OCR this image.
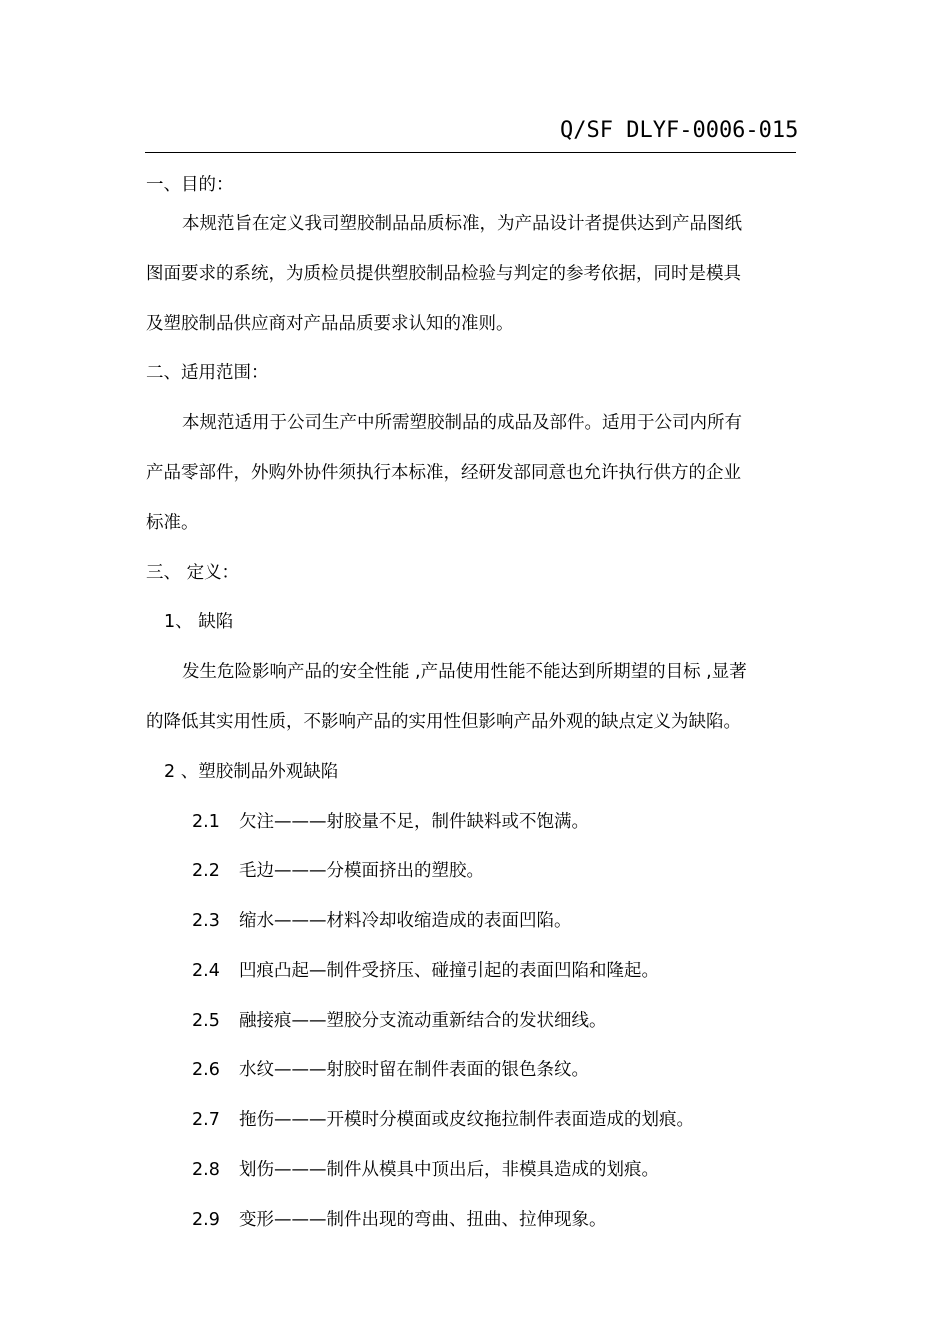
Q/SF DLYF-0006-015
一、目的：
本规范旨在定义我司塑胶制品品质标准，为产品设计者提供达到产品图纸
图面要求的系统，为质检员提供塑胶制品检验与判定的参考依据，同时是模具
及塑胶制品供应商对产品品质要求认知的准则。
二、适用范围：
本规范适用于公司生产中所需塑胶制品的成品及部件。适用于公司内所有
产品零部件，外购外协件须执行本标准，经研发部同意也允许执行供方的企业
标准。
三、 定义：
1、 缺陷
发生危险影响产品的安全性能 ,产品使用性能不能达到所期望的目标 ,显著
的降低其实用性质，不影响产品的实用性但影响产品外观的缺点定义为缺陷。
2 、塑胶制品外观缺陷
2.1	欠注———射胶量不足，制件缺料或不饱满。
2.2	毛边———分模面挤出的塑胶。
2.3	缩水———材料冷却收缩造成的表面凹陷。
2.4	凹痕凸起—制件受挤压、碰撞引起的表面凹陷和隆起。
2.5	融接痕——塑胶分支流动重新结合的发状细线。
2.6	水纹———射胶时留在制件表面的银色条纹。
2.7	拖伤———开模时分模面或皮纹拖拉制件表面造成的划痕。
2.8	划伤———制件从模具中顶出后，非模具造成的划痕。
2.9	变形———制件出现的弯曲、扭曲、拉伸现象。
